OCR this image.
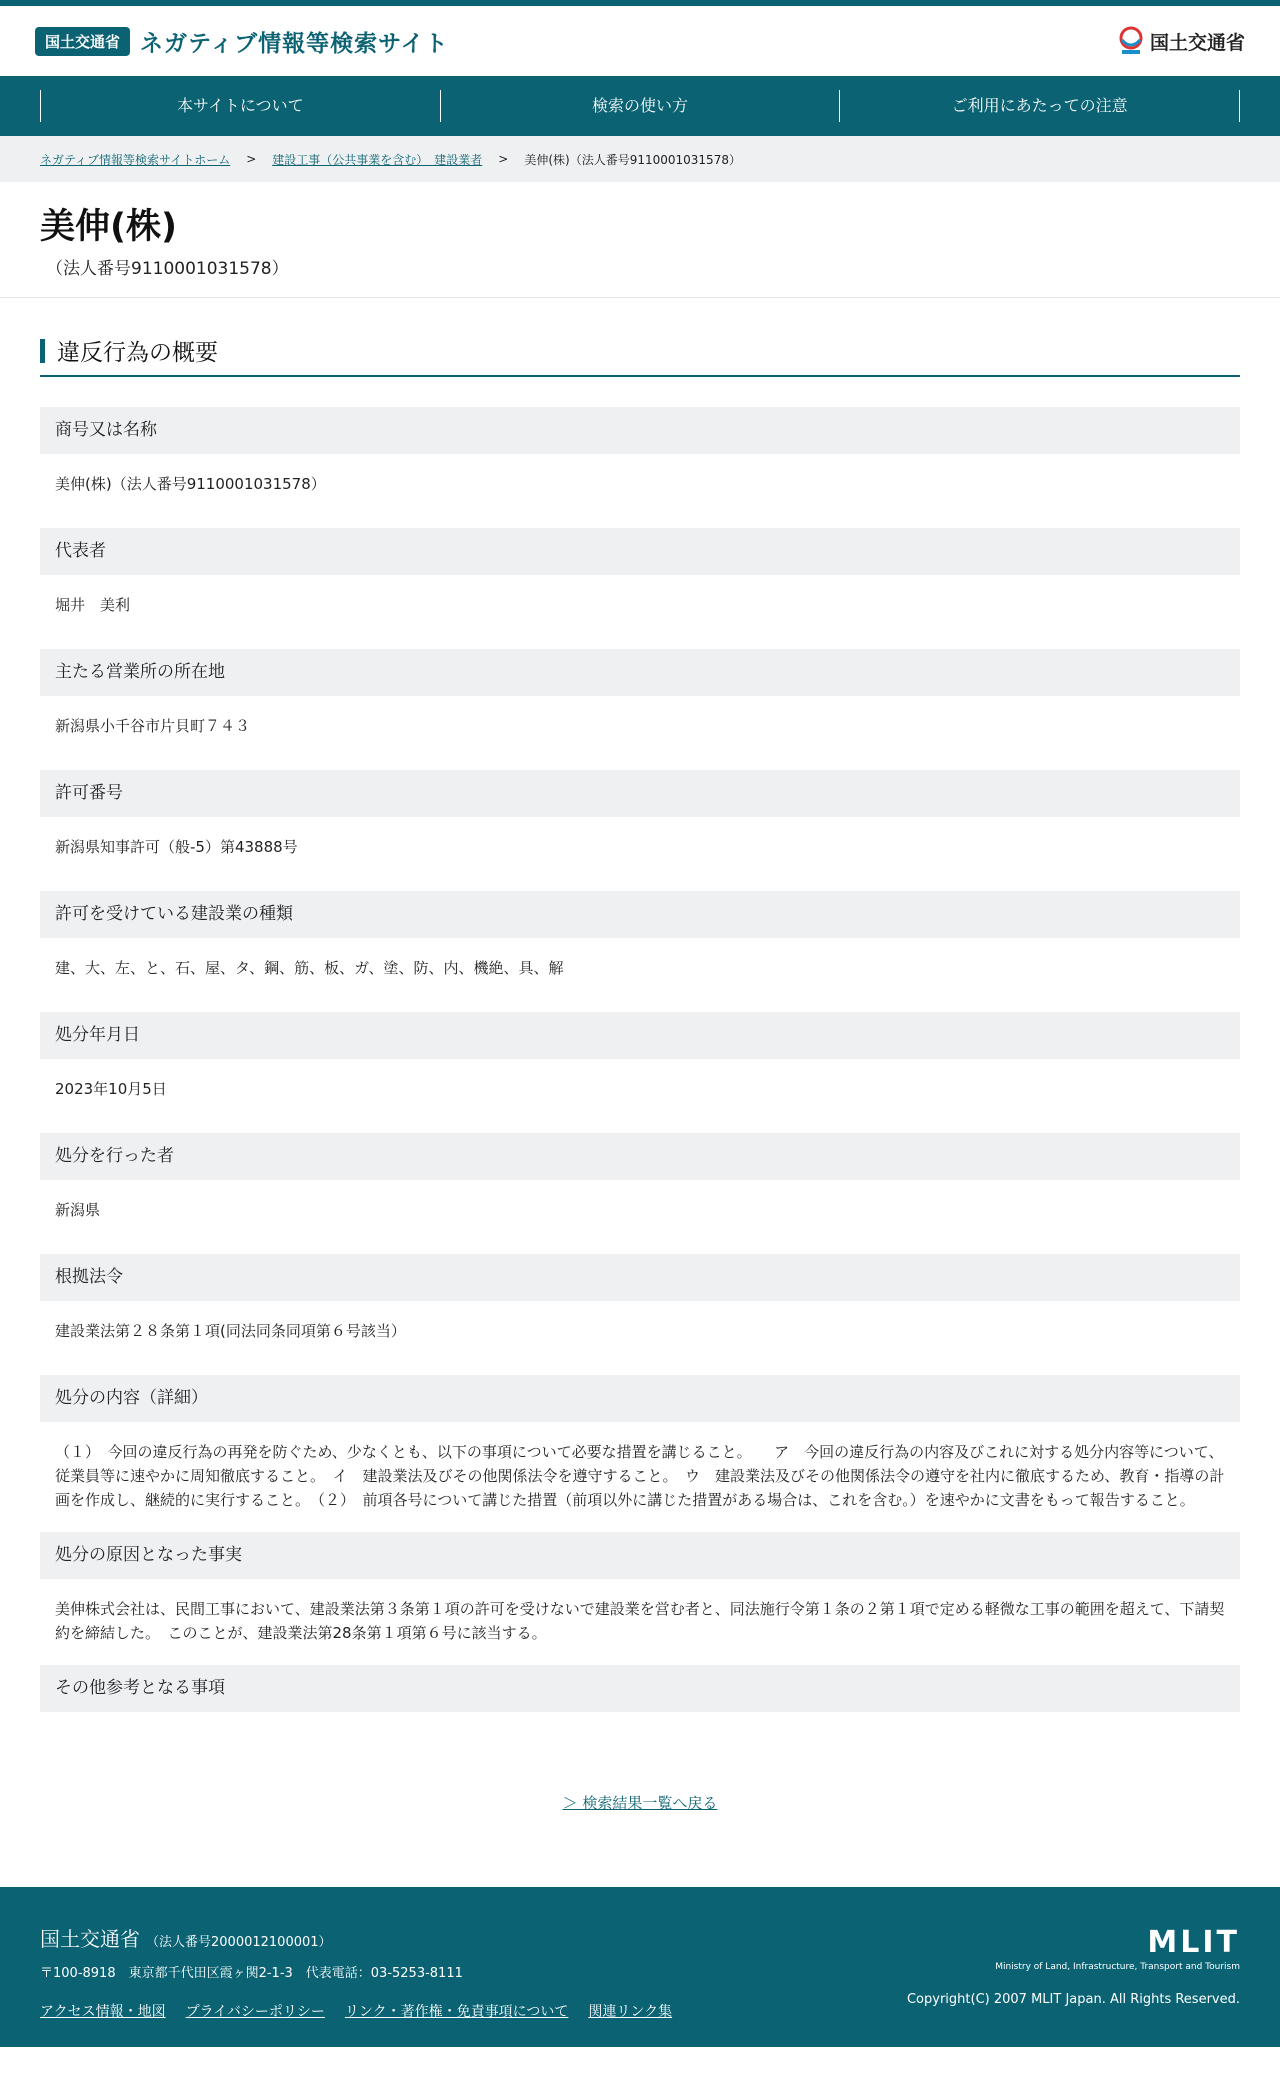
国土交通省 ネガティブ情報等検索サイト	国土交通省
本サイトについて	検索の使い方	ご利用にあたっての注意
ネガティブ情報等検索サイトホーム > 建設工事（公共事業を含む）　建設業者 > 美伸(株)（法人番号9110001031578）
美伸(株)
（法人番号9110001031578）
違反行為の概要
商号又は名称
美伸(株)（法人番号9110001031578）
代表者
堀井　美利
主たる営業所の所在地
新潟県小千谷市片貝町７４３
許可番号
新潟県知事許可（般-5）第43888号
許可を受けている建設業の種類
建、大、左、と、石、屋、タ、鋼、筋、板、ガ、塗、防、内、機絶、具、解
処分年月日
2023年10月5日
処分を行った者
新潟県
根拠法令
建設業法第２８条第１項(同法同条同項第６号該当）
処分の内容（詳細）
（１）　今回の違反行為の再発を防ぐため、少なくとも、以下の事項について必要な措置を講じること。　　ア　今回の違反行為の内容及びこれに対する処分内容等について、従業員等に速やかに周知徹底すること。　イ　建設業法及びその他関係法令を遵守すること。　ウ　建設業法及びその他関係法令の遵守を社内に徹底するため、教育・指導の計画を作成し、継続的に実行すること。　（２）　前項各号について講じた措置（前項以外に講じた措置がある場合は、これを含む。）を速やかに文書をもって報告すること。
処分の原因となった事実
美伸株式会社は、民間工事において、建設業法第３条第１項の許可を受けないで建設業を営む者と、同法施行令第１条の２第１項で定める軽微な工事の範囲を超えて、下請契約を締結した。　このことが、建設業法第28条第１項第６号に該当する。
その他参考となる事項
＞ 検索結果一覧へ戻る
国土交通省 （法人番号2000012100001）
〒100-8918　東京都千代田区霞ヶ関2-1-3　代表電話：03-5253-8111
アクセス情報・地図 プライバシーポリシー リンク・著作権・免責事項について 関連リンク集
MLIT
Ministry of Land, Infrastructure, Transport and Tourism
Copyright(C) 2007 MLIT Japan. All Rights Reserved.
